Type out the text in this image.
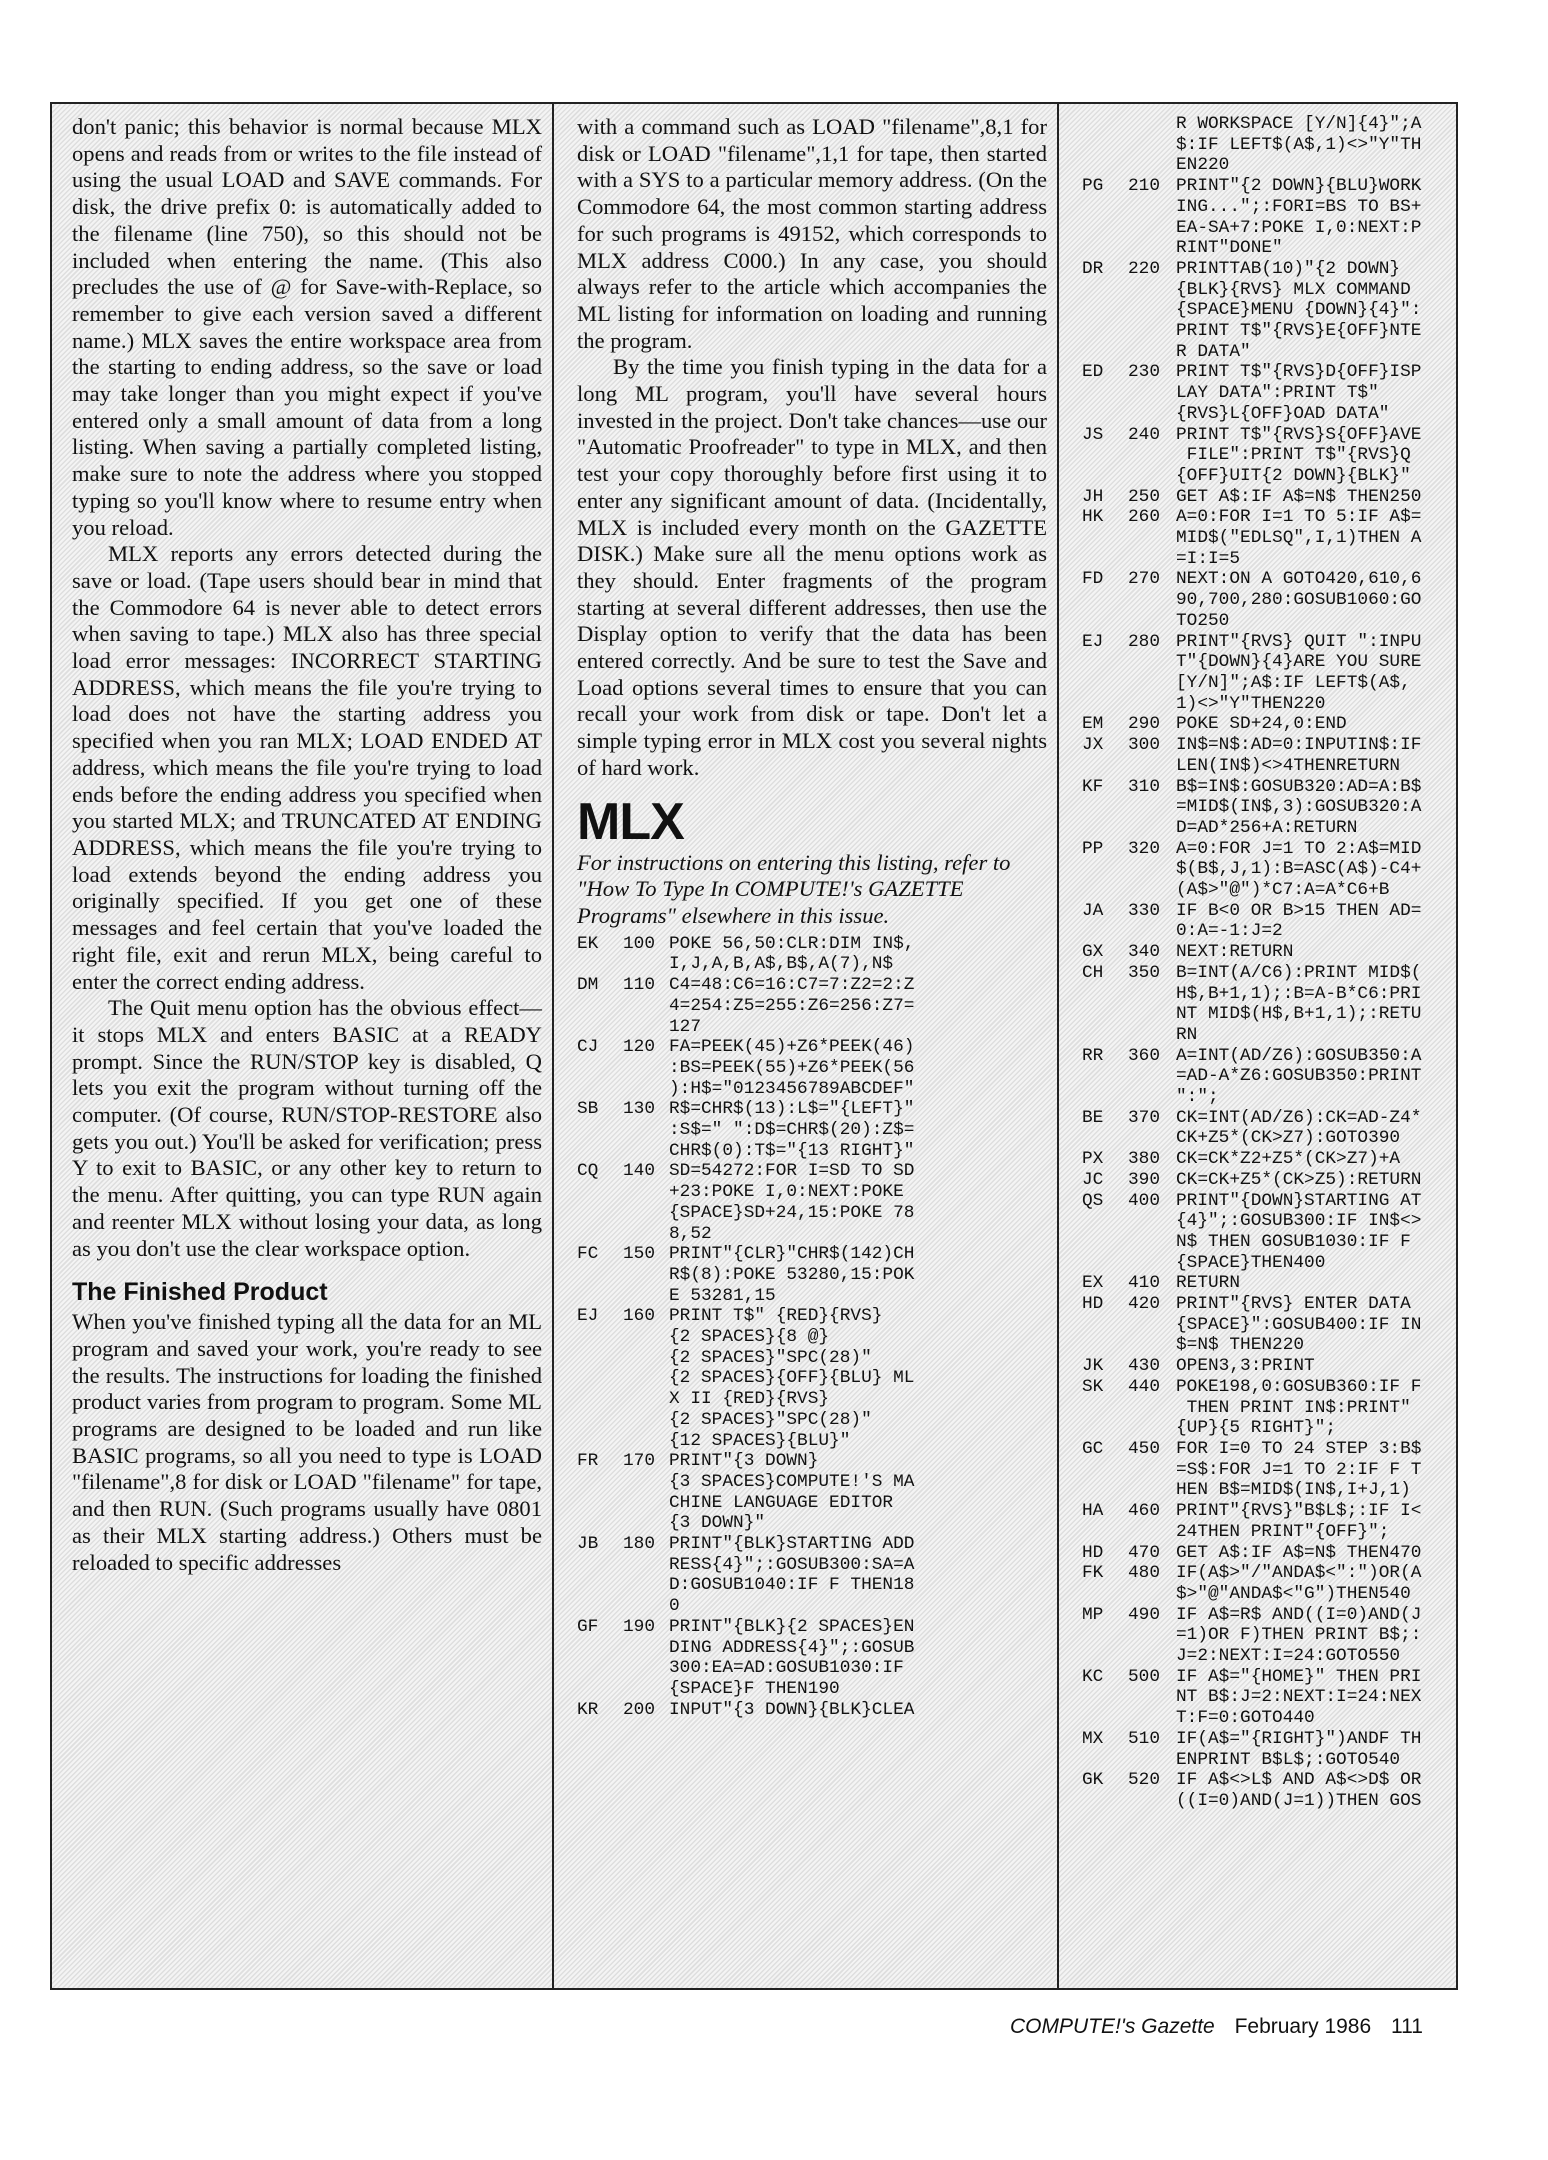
don't panic; this behavior is normal because MLX opens and reads from or writes to the file instead of using the usual LOAD and SAVE commands. For disk, the drive prefix 0: is automatically added to the filename (line 750), so this should not be included when entering the name. (This also precludes the use of @ for Save-with-Replace, so remember to give each version saved a different name.) MLX saves the entire workspace area from the starting to ending address, so the save or load may take longer than you might expect if you've entered only a small amount of data from a long listing. When saving a partially completed listing, make sure to note the address where you stopped typing so you'll know where to resume entry when you reload.

MLX reports any errors detected during the save or load. (Tape users should bear in mind that the Commodore 64 is never able to detect errors when saving to tape.) MLX also has three special load error messages: INCORRECT STARTING ADDRESS, which means the file you're trying to load does not have the starting address you specified when you ran MLX; LOAD ENDED AT address, which means the file you're trying to load ends before the ending address you specified when you started MLX; and TRUNCATED AT ENDING ADDRESS, which means the file you're trying to load extends beyond the ending address you originally specified. If you get one of these messages and feel certain that you've loaded the right file, exit and rerun MLX, being careful to enter the correct ending address.

The Quit menu option has the obvious effect—it stops MLX and enters BASIC at a READY prompt. Since the RUN/STOP key is disabled, Q lets you exit the program without turning off the computer. (Of course, RUN/STOP-RESTORE also gets you out.) You'll be asked for verification; press Y to exit to BASIC, or any other key to return to the menu. After quitting, you can type RUN again and reenter MLX without losing your data, as long as you don't use the clear workspace option.

The Finished Product

When you've finished typing all the data for an ML program and saved your work, you're ready to see the results. The instructions for loading the finished product varies from program to program. Some ML programs are designed to be loaded and run like BASIC programs, so all you need to type is LOAD "filename",8 for disk or LOAD "filename" for tape, and then RUN. (Such programs usually have 0801 as their MLX starting address.) Others must be reloaded to specific addresses

with a command such as LOAD "filename",8,1 for disk or LOAD "filename",1,1 for tape, then started with a SYS to a particular memory address. (On the Commodore 64, the most common starting address for such programs is 49152, which corresponds to MLX address C000.) In any case, you should always refer to the article which accompanies the ML listing for information on loading and running the program.

By the time you finish typing in the data for a long ML program, you'll have several hours invested in the project. Don't take chances—use our "Automatic Proofreader" to type in MLX, and then test your copy thoroughly before first using it to enter any significant amount of data. (Incidentally, MLX is included every month on the GAZETTE DISK.) Make sure all the menu options work as they should. Enter fragments of the program starting at several different addresses, then use the Display option to verify that the data has been entered correctly. And be sure to test the Save and Load options several times to ensure that you can recall your work from disk or tape. Don't let a simple typing error in MLX cost you several nights of hard work.

MLX

For instructions on entering this listing, refer to "How To Type In COMPUTE!'s GAZETTE Programs" elsewhere in this issue.

EK	100 POKE 56,50:CLR:DIM IN$,
I,J,A,B,A$,B$,A(7),N$
DM	110 C4=48:C6=16:C7=7:Z2=2:Z
4=254:Z5=255:Z6=256:Z7=
127
CJ	120 FA=PEEK(45)+Z6*PEEK(46)
:BS=PEEK(55)+Z6*PEEK(56
):H$="0123456789ABCDEF"
SB	130 R$=CHR$(13):L$="{LEFT}"
:S$=" ":D$=CHR$(20):Z$=
CHR$(0):T$="{13 RIGHT}"
CQ	140 SD=54272:FOR I=SD TO SD
+23:POKE I,0:NEXT:POKE
{SPACE}SD+24,15:POKE 78
8,52
FC	150 PRINT"{CLR}"CHR$(142)CH
R$(8):POKE 53280,15:POK
E 53281,15
EJ	160 PRINT T$" {RED}{RVS}
{2 SPACES}{8 @}
{2 SPACES}"SPC(28)"
{2 SPACES}{OFF}{BLU} ML
X II {RED}{RVS}
{2 SPACES}"SPC(28)"
{12 SPACES}{BLU}"
FR	170 PRINT"{3 DOWN}
{3 SPACES}COMPUTE!'S MA
CHINE LANGUAGE EDITOR
{3 DOWN}"
JB	180 PRINT"{BLK}STARTING ADD
RESS{4}";:GOSUB300:SA=A
D:GOSUB1040:IF F THEN18
0
GF	190 PRINT"{BLK}{2 SPACES}EN
DING ADDRESS{4}";:GOSUB
300:EA=AD:GOSUB1030:IF
{SPACE}F THEN190
KR	200 INPUT"{3 DOWN}{BLK}CLEA
R WORKSPACE [Y/N]{4}";A
$:IF LEFT$(A$,1)<>"Y"TH
EN220
PG	210 PRINT"{2 DOWN}{BLU}WORK
ING...";:FORI=BS TO BS+
EA-SA+7:POKE I,0:NEXT:P
RINT"DONE"
DR	220 PRINTTAB(10)"{2 DOWN}
{BLK}{RVS} MLX COMMAND
{SPACE}MENU {DOWN}{4}":
PRINT T$"{RVS}E{OFF}NTE
R DATA"
ED	230 PRINT T$"{RVS}D{OFF}ISP
LAY DATA":PRINT T$"
{RVS}L{OFF}OAD DATA"
JS	240 PRINT T$"{RVS}S{OFF}AVE
FILE":PRINT T$"{RVS}Q
{OFF}UIT{2 DOWN}{BLK}"
JH	250 GET A$:IF A$=N$ THEN250
HK	260 A=0:FOR I=1 TO 5:IF A$=
MID$("EDLSQ",I,1)THEN A
=I:I=5
FD	270 NEXT:ON A GOTO420,610,6
90,700,280:GOSUB1060:GO
TO250
EJ	280 PRINT"{RVS} QUIT ":INPU
T"{DOWN}{4}ARE YOU SURE
[Y/N]";A$:IF LEFT$(A$,
1)<>"Y"THEN220
EM	290 POKE SD+24,0:END
JX	300 IN$=N$:AD=0:INPUTIN$:IF
LEN(IN$)<>4THENRETURN
KF	310 B$=IN$:GOSUB320:AD=A:B$
=MID$(IN$,3):GOSUB320:A
D=AD*256+A:RETURN
PP	320 A=0:FOR J=1 TO 2:A$=MID
$(B$,J,1):B=ASC(A$)-C4+
(A$>"@")*C7:A=A*C6+B
JA	330 IF B<0 OR B>15 THEN AD=
0:A=-1:J=2
GX	340 NEXT:RETURN
CH	350 B=INT(A/C6):PRINT MID$(
H$,B+1,1);:B=A-B*C6:PRI
NT MID$(H$,B+1,1);:RETU
RN
RR	360 A=INT(AD/Z6):GOSUB350:A
=AD-A*Z6:GOSUB350:PRINT
":";
BE	370 CK=INT(AD/Z6):CK=AD-Z4*
CK+Z5*(CK>Z7):GOTO390
PX	380 CK=CK*Z2+Z5*(CK>Z7)+A
JC	390 CK=CK+Z5*(CK>Z5):RETURN
QS	400 PRINT"{DOWN}STARTING AT
{4}";:GOSUB300:IF IN$<>
N$ THEN GOSUB1030:IF F
{SPACE}THEN400
EX	410 RETURN
HD	420 PRINT"{RVS} ENTER DATA
{SPACE}":GOSUB400:IF IN
$=N$ THEN220
JK	430 OPEN3,3:PRINT
SK	440 POKE198,0:GOSUB360:IF F
THEN PRINT IN$:PRINT"
{UP}{5 RIGHT}";
GC	450 FOR I=0 TO 24 STEP 3:B$
=S$:FOR J=1 TO 2:IF F T
HEN B$=MID$(IN$,I+J,1)
HA	460 PRINT"{RVS}"B$L$;:IF I<
24THEN PRINT"{OFF}";
HD	470 GET A$:IF A$=N$ THEN470
FK	480 IF(A$>"/"ANDA$<":")OR(A
$>"@"ANDA$<"G")THEN540
MP	490 IF A$=R$ AND((I=0)AND(J
=1)OR F)THEN PRINT B$;:
J=2:NEXT:I=24:GOTO550
KC	500 IF A$="{HOME}" THEN PRI
NT B$:J=2:NEXT:I=24:NEX
T:F=0:GOTO440
MX	510 IF(A$="{RIGHT}")ANDF TH
ENPRINT B$L$;:GOTO540
GK	520 IF A$<>L$ AND A$<>D$ OR
((I=0)AND(J=1))THEN GOS
COMPUTE!'s Gazette February 1986 111
